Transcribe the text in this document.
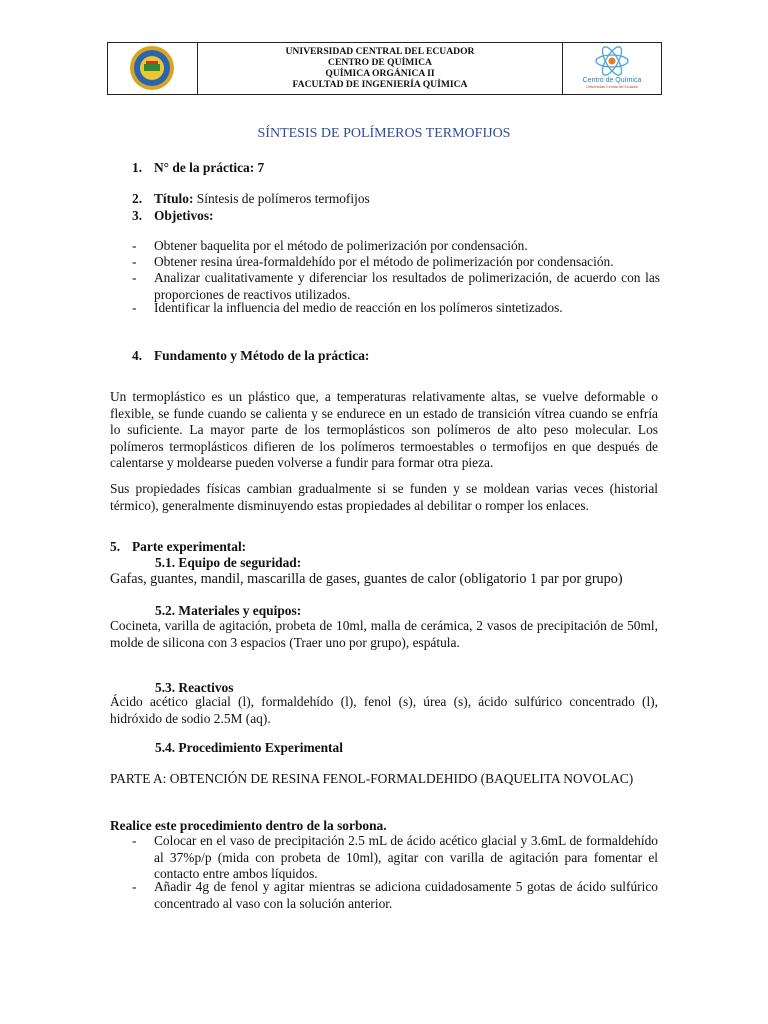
UNIVERSIDAD CENTRAL DEL ECUADOR
CENTRO DE QUÍMICA
QUÍMICA ORGÁNICA II
FACULTAD DE INGENIERÍA QUÍMICA	Centro de Química
Universidad Central del Ecuador
SÍNTESIS DE POLÍMEROS TERMOFIJOS
1. N° de la práctica: 7
2. Título: Síntesis de polímeros termofijos
3. Objetivos:
- Obtener baquelita por el método de polimerización por condensación.
- Obtener resina úrea-formaldehído por el método de polimerización por condensación.
- Analizar cualitativamente y diferenciar los resultados de polimerización, de acuerdo con las proporciones de reactivos utilizados.
- Identificar la influencia del medio de reacción en los polímeros sintetizados.
4. Fundamento y Método de la práctica:
Un termoplástico es un plástico que, a temperaturas relativamente altas, se vuelve deformable o flexible, se funde cuando se calienta y se endurece en un estado de transición vítrea cuando se enfría lo suficiente. La mayor parte de los termoplásticos son polímeros de alto peso molecular. Los polímeros termoplásticos difieren de los polímeros termoestables o termofijos en que después de calentarse y moldearse pueden volverse a fundir para formar otra pieza.
Sus propiedades físicas cambian gradualmente si se funden y se moldean varias veces (historial térmico), generalmente disminuyendo estas propiedades al debilitar o romper los enlaces.
5. Parte experimental:
5.1. Equipo de seguridad:
Gafas, guantes, mandil, mascarilla de gases, guantes de calor (obligatorio 1 par por grupo)
5.2. Materiales y equipos:
Cocineta, varilla de agitación, probeta de 10ml, malla de cerámica, 2 vasos de precipitación de 50ml, molde de silicona con 3 espacios (Traer uno por grupo), espátula.
5.3. Reactivos
Ácido acético glacial (l), formaldehído (l), fenol (s), úrea (s), ácido sulfúrico concentrado (l), hidróxido de sodio 2.5M (aq).
5.4. Procedimiento Experimental
PARTE A: OBTENCIÓN DE RESINA FENOL-FORMALDEHIDO (BAQUELITA NOVOLAC)
Realice este procedimiento dentro de la sorbona.
- Colocar en el vaso de precipitación 2.5 mL de ácido acético glacial y 3.6mL de formaldehído al 37%p/p (mida con probeta de 10ml), agitar con varilla de agitación para fomentar el contacto entre ambos líquidos.
- Añadir 4g de fenol y agitar mientras se adiciona cuidadosamente 5 gotas de ácido sulfúrico concentrado al vaso con la solución anterior.
